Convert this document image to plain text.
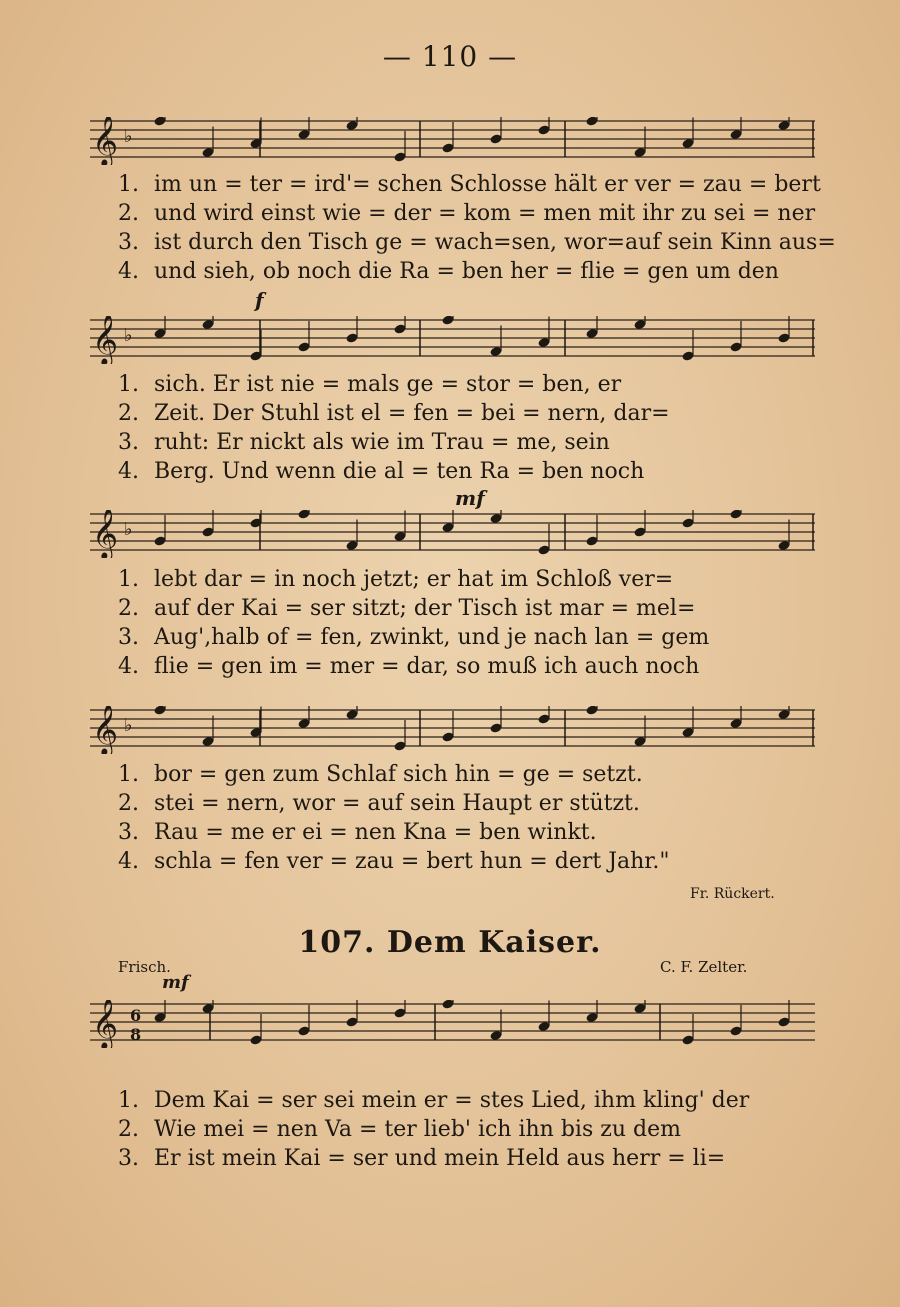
— 110 —
𝄞 ♭
1. im un = ter = ird'= schen Schlosse hält er ver = zau = bert
2. und wird einst wie = der = kom = men mit ihr zu sei = ner
3. ist durch den Tisch ge = wach=sen, wor=auf sein Kinn aus=
4. und sieh, ob noch die Ra = ben her = flie = gen um den
f
𝄞 ♭
1. sich. Er ist nie = mals ge = stor = ben, er
2. Zeit. Der Stuhl ist el = fen = bei = nern, dar=
3. ruht: Er nickt als wie im Trau = me, sein
4. Berg. Und wenn die al = ten Ra = ben noch
mf
𝄞 ♭
1. lebt dar = in noch jetzt; er hat im Schloß ver=
2. auf der Kai = ser sitzt; der Tisch ist mar = mel=
3. Aug',halb of = fen, zwinkt, und je nach lan = gem
4. flie = gen im = mer = dar, so muß ich auch noch
𝄞 ♭
1. bor = gen zum Schlaf sich hin = ge = setzt.
2. stei = nern, wor = auf sein Haupt er stützt.
3. Rau = me er ei = nen Kna = ben winkt.
4. schla = fen ver = zau = bert hun = dert Jahr."
Fr. Rückert.
107. Dem Kaiser.
Frisch.	C. F. Zelter.
mf
𝄞 6
8
1. Dem Kai = ser sei mein er = stes Lied, ihm kling' der
2. Wie mei = nen Va = ter lieb' ich ihn bis zu dem
3. Er ist mein Kai = ser und mein Held aus herr = li=
